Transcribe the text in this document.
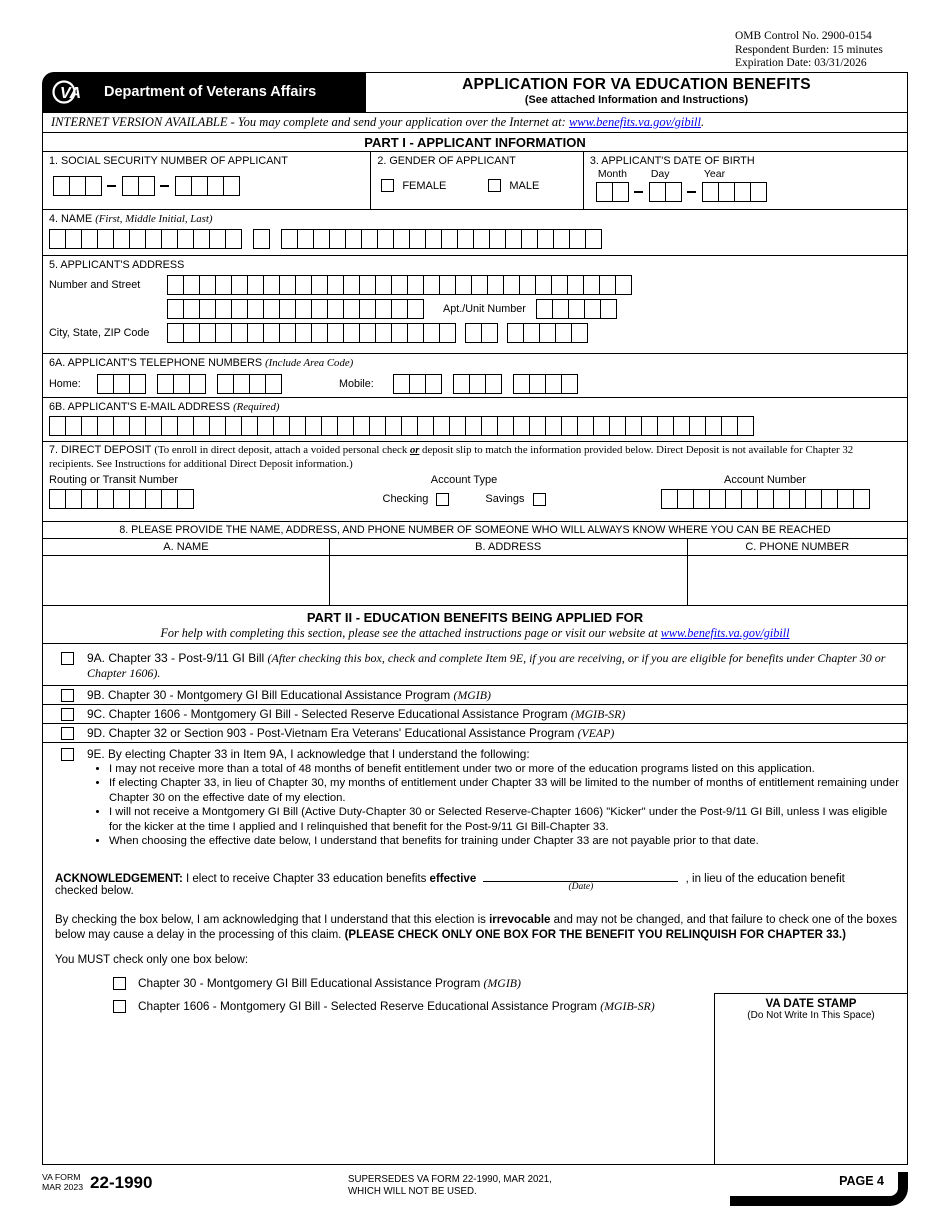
OMB Control No. 2900-0154
Respondent Burden: 15 minutes
Expiration Date: 03/31/2026
VA Department of Veterans Affairs	APPLICATION FOR VA EDUCATION BENEFITS
(See attached Information and Instructions)
INTERNET VERSION AVAILABLE - You may complete and send your application over the Internet at: www.benefits.va.gov/gibill.
PART I - APPLICANT INFORMATION
1. SOCIAL SECURITY NUMBER OF APPLICANT	2. GENDER OF APPLICANT
FEMALE	MALE
3. APPLICANT'S DATE OF BIRTH
Month Day	Year
4. NAME (First, Middle Initial, Last)
5. APPLICANT'S ADDRESS
Number and Street
Apt./Unit Number
City, State, ZIP Code
6A. APPLICANT'S TELEPHONE NUMBERS (Include Area Code)
Home:	Mobile:
6B. APPLICANT'S E-MAIL ADDRESS (Required)
7. DIRECT DEPOSIT (To enroll in direct deposit, attach a voided personal check or deposit slip to match the information provided below. Direct Deposit is not available for Chapter 32 recipients. See Instructions for additional Direct Deposit information.)
Routing or Transit Number	Account Type	Account Number
Checking	Savings
8. PLEASE PROVIDE THE NAME, ADDRESS, AND PHONE NUMBER OF SOMEONE WHO WILL ALWAYS KNOW WHERE YOU CAN BE REACHED
A. NAME	B. ADDRESS	C. PHONE NUMBER
PART II - EDUCATION BENEFITS BEING APPLIED FOR
For help with completing this section, please see the attached instructions page or visit our website at www.benefits.va.gov/gibill
9A. Chapter 33 - Post-9/11 GI Bill (After checking this box, check and complete Item 9E, if you are receiving, or if you are eligible for benefits under Chapter 30 or Chapter 1606).
9B. Chapter 30 - Montgomery GI Bill Educational Assistance Program (MGIB)
9C. Chapter 1606 - Montgomery GI Bill - Selected Reserve Educational Assistance Program (MGIB-SR)
9D. Chapter 32 or Section 903 - Post-Vietnam Era Veterans' Educational Assistance Program (VEAP)
9E. By electing Chapter 33 in Item 9A, I acknowledge that I understand the following:
• I may not receive more than a total of 48 months of benefit entitlement under two or more of the education programs listed on this application.
• If electing Chapter 33, in lieu of Chapter 30, my months of entitlement under Chapter 33 will be limited to the number of months of entitlement remaining under Chapter 30 on the effective date of my election.
• I will not receive a Montgomery GI Bill (Active Duty-Chapter 30 or Selected Reserve-Chapter 1606) "Kicker" under the Post-9/11 GI Bill, unless I was eligible for the kicker at the time I applied and I relinquished that benefit for the Post-9/11 GI Bill-Chapter 33.
• When choosing the effective date below, I understand that benefits for training under Chapter 33 are not payable prior to that date.
ACKNOWLEDGEMENT: I elect to receive Chapter 33 education benefits effective
(Date)
, in lieu of the education benefit
checked below.
By checking the box below, I am acknowledging that I understand that this election is irrevocable and may not be changed, and that failure to check one of the boxes below may cause a delay in the processing of this claim. (PLEASE CHECK ONLY ONE BOX FOR THE BENEFIT YOU RELINQUISH FOR CHAPTER 33.)
You MUST check only one box below:
Chapter 30 - Montgomery GI Bill Educational Assistance Program (MGIB)
Chapter 1606 - Montgomery GI Bill - Selected Reserve Educational Assistance Program (MGIB-SR)	VA DATE STAMP
(Do Not Write In This Space)
VA FORM
MAR 2023 22-1990	SUPERSEDES VA FORM 22-1990, MAR 2021,
WHICH WILL NOT BE USED.
PAGE 4
